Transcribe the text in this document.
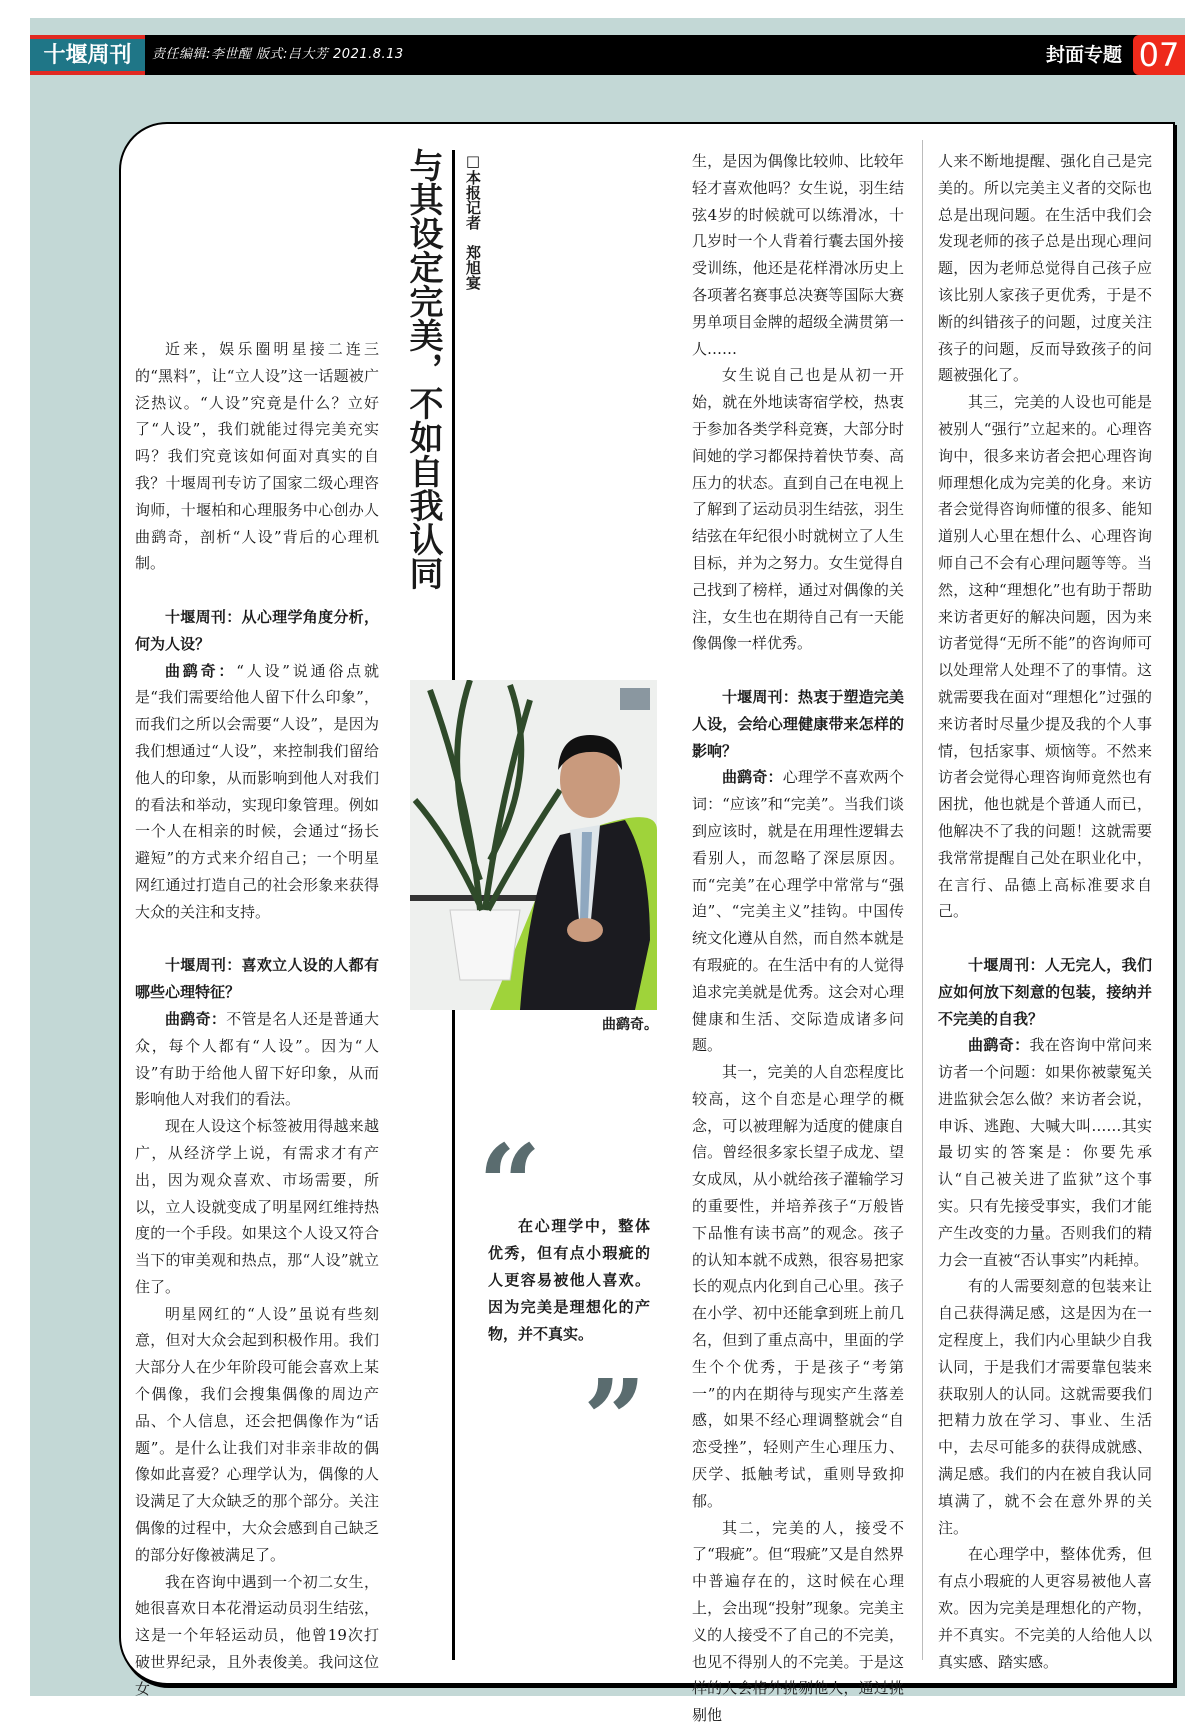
十堰周刊	责任编辑:李世醒 版式:吕大芳 2021.8.13	封面专题 07
与其设定完美，不如自我认同 □本报记者　郑旭宴
曲鹞奇。
“
在心理学中，整体优秀，但有点小瑕疵的人更容易被他人喜欢。因为完美是理想化的产物，并不真实。
”

近来，娱乐圈明星接二连三的“黑料”，让“立人设”这一话题被广泛热议。“人设”究竟是什么？立好了“人设”，我们就能过得完美充实吗？我们究竟该如何面对真实的自我？十堰周刊专访了国家二级心理咨询师，十堰柏和心理服务中心创办人曲鹞奇，剖析“人设”背后的心理机制。

十堰周刊：从心理学角度分析，何为人设？

曲鹞奇：“人设”说通俗点就是“我们需要给他人留下什么印象”，而我们之所以会需要“人设”，是因为我们想通过“人设”，来控制我们留给他人的印象，从而影响到他人对我们的看法和举动，实现印象管理。例如一个人在相亲的时候，会通过“扬长避短”的方式来介绍自己；一个明星网红通过打造自己的社会形象来获得大众的关注和支持。

十堰周刊：喜欢立人设的人都有哪些心理特征？

曲鹞奇：不管是名人还是普通大众，每个人都有“人设”。因为“人设”有助于给他人留下好印象，从而影响他人对我们的看法。

现在人设这个标签被用得越来越广，从经济学上说，有需求才有产出，因为观众喜欢、市场需要，所以，立人设就变成了明星网红维持热度的一个手段。如果这个人设又符合当下的审美观和热点，那“人设”就立住了。

明星网红的“人设”虽说有些刻意，但对大众会起到积极作用。我们大部分人在少年阶段可能会喜欢上某个偶像，我们会搜集偶像的周边产品、个人信息，还会把偶像作为“话题”。是什么让我们对非亲非故的偶像如此喜爱？心理学认为，偶像的人设满足了大众缺乏的那个部分。关注偶像的过程中，大众会感到自己缺乏的部分好像被满足了。

我在咨询中遇到一个初二女生，她很喜欢日本花滑运动员羽生结弦，这是一个年轻运动员，他曾19次打破世界纪录，且外表俊美。我问这位女

生，是因为偶像比较帅、比较年轻才喜欢他吗？女生说，羽生结弦4岁的时候就可以练滑冰，十几岁时一个人背着行囊去国外接受训练，他还是花样滑冰历史上各项著名赛事总决赛等国际大赛男单项目金牌的超级全满贯第一人……

女生说自己也是从初一开始，就在外地读寄宿学校，热衷于参加各类学科竞赛，大部分时间她的学习都保持着快节奏、高压力的状态。直到自己在电视上了解到了运动员羽生结弦，羽生结弦在年纪很小时就树立了人生目标，并为之努力。女生觉得自己找到了榜样，通过对偶像的关注，女生也在期待自己有一天能像偶像一样优秀。

十堰周刊：热衷于塑造完美人设，会给心理健康带来怎样的影响？

曲鹞奇：心理学不喜欢两个词：“应该”和“完美”。当我们谈到应该时，就是在用理性逻辑去看别人，而忽略了深层原因。而“完美”在心理学中常常与“强迫”、“完美主义”挂钩。中国传统文化遵从自然，而自然本就是有瑕疵的。在生活中有的人觉得追求完美就是优秀。这会对心理健康和生活、交际造成诸多问题。

其一，完美的人自恋程度比较高，这个自恋是心理学的概念，可以被理解为适度的健康自信。曾经很多家长望子成龙、望女成凤，从小就给孩子灌输学习的重要性，并培养孩子“万般皆下品惟有读书高”的观念。孩子的认知本就不成熟，很容易把家长的观点内化到自己心里。孩子在小学、初中还能拿到班上前几名，但到了重点高中，里面的学生个个优秀，于是孩子“考第一”的内在期待与现实产生落差感，如果不经心理调整就会“自恋受挫”，轻则产生心理压力、厌学、抵触考试，重则导致抑郁。

其二，完美的人，接受不了“瑕疵”。但“瑕疵”又是自然界中普遍存在的，这时候在心理上，会出现“投射”现象。完美主义的人接受不了自己的不完美，也见不得别人的不完美。于是这样的人会格外挑剔他人，通过挑剔他

人来不断地提醒、强化自己是完美的。所以完美主义者的交际也总是出现问题。在生活中我们会发现老师的孩子总是出现心理问题，因为老师总觉得自己孩子应该比别人家孩子更优秀，于是不断的纠错孩子的问题，过度关注孩子的问题，反而导致孩子的问题被强化了。

其三，完美的人设也可能是被别人“强行”立起来的。心理咨询中，很多来访者会把心理咨询师理想化成为完美的化身。来访者会觉得咨询师懂的很多、能知道别人心里在想什么、心理咨询师自己不会有心理问题等等。当然，这种“理想化”也有助于帮助来访者更好的解决问题，因为来访者觉得“无所不能”的咨询师可以处理常人处理不了的事情。这就需要我在面对“理想化”过强的来访者时尽量少提及我的个人事情，包括家事、烦恼等。不然来访者会觉得心理咨询师竟然也有困扰，他也就是个普通人而已，他解决不了我的问题！这就需要我常常提醒自己处在职业化中，在言行、品德上高标准要求自己。

十堰周刊：人无完人，我们应如何放下刻意的包装，接纳并不完美的自我？

曲鹞奇：我在咨询中常问来访者一个问题：如果你被蒙冤关进监狱会怎么做？来访者会说，申诉、逃跑、大喊大叫……其实最切实的答案是：你要先承认“自己被关进了监狱”这个事实。只有先接受事实，我们才能产生改变的力量。否则我们的精力会一直被“否认事实”内耗掉。

有的人需要刻意的包装来让自己获得满足感，这是因为在一定程度上，我们内心里缺少自我认同，于是我们才需要靠包装来获取别人的认同。这就需要我们把精力放在学习、事业、生活中，去尽可能多的获得成就感、满足感。我们的内在被自我认同填满了，就不会在意外界的关注。

在心理学中，整体优秀，但有点小瑕疵的人更容易被他人喜欢。因为完美是理想化的产物，并不真实。不完美的人给他人以真实感、踏实感。
